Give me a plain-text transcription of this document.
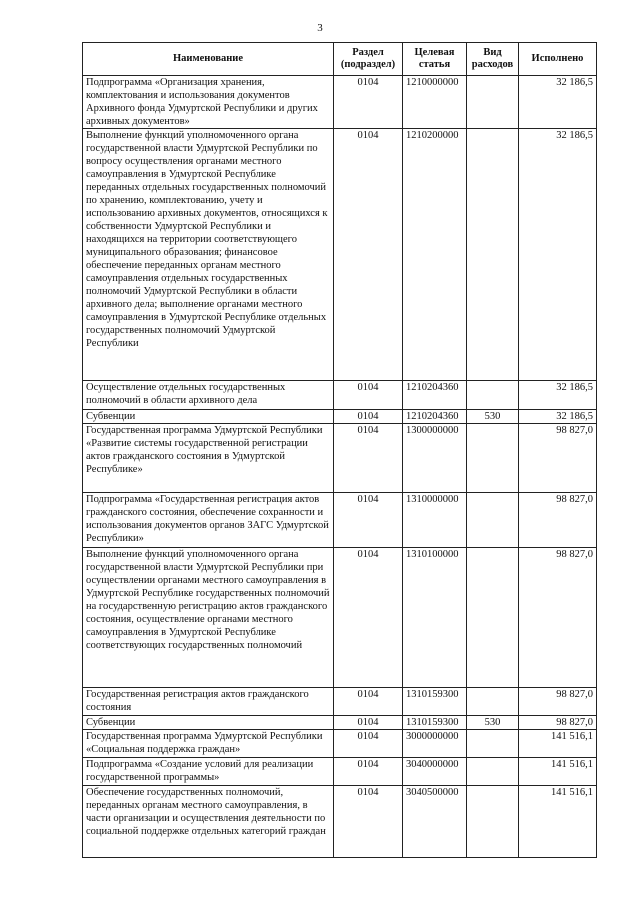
3
Наименование	Раздел (подраздел)	Целевая статья	Вид расходов	Исполнено
Подпрограмма «Организация хранения, комплектования и использования документов Архивного фонда Удмуртской Республики и других архивных документов»	0104	1210000000		32 186,5
Выполнение функций уполномоченного органа государственной власти Удмуртской Республики по вопросу осуществления органами местного самоуправления в Удмуртской Республике переданных отдельных государственных полномочий по хранению, комплектованию, учету и использованию архивных документов, относящихся к собственности Удмуртской Республики и находящихся на территории соответствующего муниципального образования; финансовое обеспечение переданных органам местного самоуправления отдельных государственных полномочий Удмуртской Республики в области архивного дела; выполнение органами местного самоуправления в Удмуртской Республике отдельных государственных полномочий Удмуртской Республики	0104	1210200000		32 186,5
Осуществление отдельных государственных полномочий в области архивного дела	0104	1210204360		32 186,5
Субвенции	0104	1210204360	530	32 186,5
Государственная программа Удмуртской Республики «Развитие системы государственной регистрации актов гражданского состояния в Удмуртской Республике»	0104	1300000000		98 827,0
Подпрограмма «Государственная регистрация актов гражданского состояния, обеспечение сохранности и использования документов органов ЗАГС Удмуртской Республики»	0104	1310000000		98 827,0
Выполнение функций уполномоченного органа государственной власти Удмуртской Республики при осуществлении органами местного самоуправления в Удмуртской Республике государственных полномочий на государственную регистрацию актов гражданского состояния, осуществление органами местного самоуправления в Удмуртской Республике соответствующих государственных полномочий	0104	1310100000		98 827,0
Государственная регистрация актов гражданского состояния	0104	1310159300		98 827,0
Субвенции	0104	1310159300	530	98 827,0
Государственная программа Удмуртской Республики «Социальная поддержка граждан»	0104	3000000000		141 516,1
Подпрограмма «Создание условий для реализации государственной программы»	0104	3040000000		141 516,1
Обеспечение государственных полномочий, переданных органам местного самоуправления, в части организации и осуществления деятельности по социальной поддержке отдельных категорий граждан	0104	3040500000		141 516,1
